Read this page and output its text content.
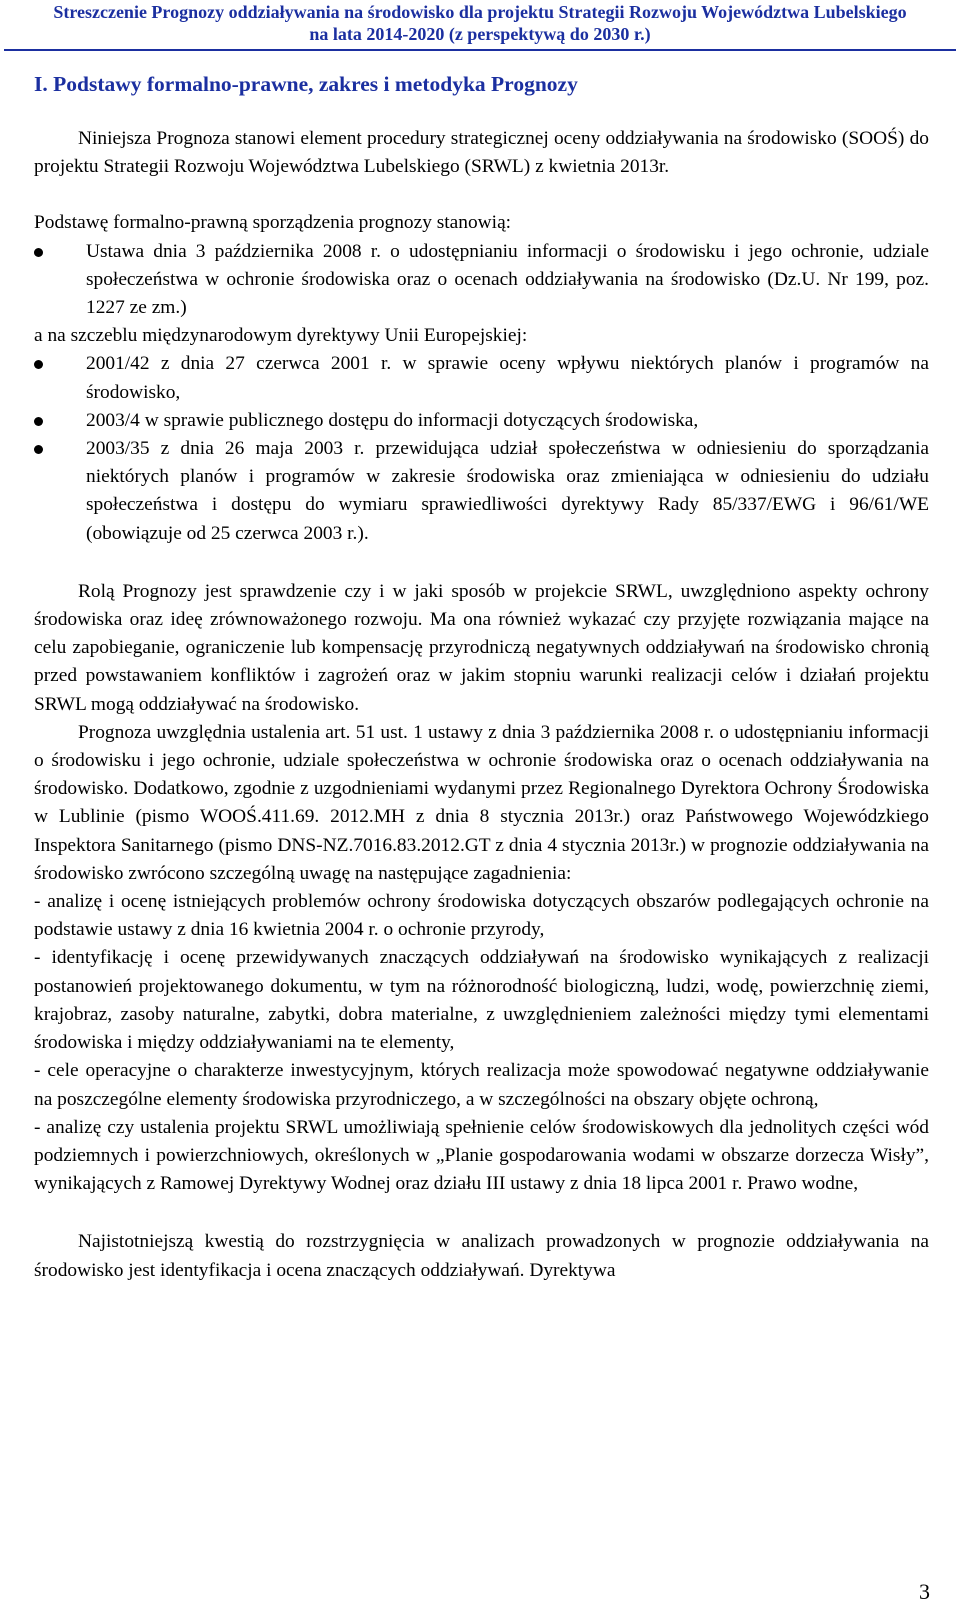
Streszczenie Prognozy oddziaływania na środowisko dla projektu Strategii Rozwoju Województwa Lubelskiego
na lata 2014-2020 (z perspektywą do 2030 r.)
I. Podstawy formalno-prawne, zakres i metodyka Prognozy

Niniejsza Prognoza stanowi element procedury strategicznej oceny oddziaływania na środowisko (SOOŚ) do projektu Strategii Rozwoju Województwa Lubelskiego (SRWL) z kwietnia 2013r.

Podstawę formalno-prawną sporządzenia prognozy stanowią:

Ustawa dnia 3 października 2008 r. o udostępnianiu informacji o środowisku i jego ochronie, udziale społeczeństwa w ochronie środowiska oraz o ocenach oddziaływania na środowisko (Dz.U. Nr 199, poz. 1227 ze zm.)

a na szczeblu międzynarodowym dyrektywy Unii Europejskiej:

2001/42 z dnia 27 czerwca 2001 r. w sprawie oceny wpływu niektórych planów i programów na środowisko,
2003/4 w sprawie publicznego dostępu do informacji dotyczących środowiska,
2003/35 z dnia 26 maja 2003 r. przewidująca udział społeczeństwa w odniesieniu do sporządzania niektórych planów i programów w zakresie środowiska oraz zmieniająca w odniesieniu do udziału społeczeństwa i dostępu do wymiaru sprawiedliwości dyrektywy Rady 85/337/EWG i 96/61/WE (obowiązuje od 25 czerwca 2003 r.).

Rolą Prognozy jest sprawdzenie czy i w jaki sposób w projekcie SRWL, uwzględniono aspekty ochrony środowiska oraz ideę zrównoważonego rozwoju. Ma ona również wykazać czy przyjęte rozwiązania mające na celu zapobieganie, ograniczenie lub kompensację przyrodniczą negatywnych oddziaływań na środowisko chronią przed powstawaniem konfliktów i zagrożeń oraz w jakim stopniu warunki realizacji celów i działań projektu SRWL mogą oddziaływać na środowisko.

Prognoza uwzględnia ustalenia art. 51 ust. 1 ustawy z dnia 3 października 2008 r. o udostępnianiu informacji o środowisku i jego ochronie, udziale społeczeństwa w ochronie środowiska oraz o ocenach oddziaływania na środowisko. Dodatkowo, zgodnie z uzgodnieniami wydanymi przez Regionalnego Dyrektora Ochrony Środowiska w Lublinie (pismo WOOŚ.411.69. 2012.MH z dnia 8 stycznia 2013r.) oraz Państwowego Wojewódzkiego Inspektora Sanitarnego (pismo DNS-NZ.7016.83.2012.GT z dnia 4 stycznia 2013r.) w prognozie oddziaływania na środowisko zwrócono szczególną uwagę na następujące zagadnienia:

- analizę i ocenę istniejących problemów ochrony środowiska dotyczących obszarów podlegających ochronie na podstawie ustawy z dnia 16 kwietnia 2004 r. o ochronie przyrody,

- identyfikację i ocenę przewidywanych znaczących oddziaływań na środowisko wynikających z realizacji postanowień projektowanego dokumentu, w tym na różnorodność biologiczną, ludzi, wodę, powierzchnię ziemi, krajobraz, zasoby naturalne, zabytki, dobra materialne, z uwzględnieniem zależności między tymi elementami środowiska i między oddziaływaniami na te elementy,

- cele operacyjne o charakterze inwestycyjnym, których realizacja może spowodować negatywne oddziaływanie na poszczególne elementy środowiska przyrodniczego, a w szczególności na obszary objęte ochroną,

- analizę czy ustalenia projektu SRWL umożliwiają spełnienie celów środowiskowych dla jednolitych części wód podziemnych i powierzchniowych, określonych w „Planie gospodarowania wodami w obszarze dorzecza Wisły”, wynikających z Ramowej Dyrektywy Wodnej oraz działu III ustawy z dnia 18 lipca 2001 r. Prawo wodne,

Najistotniejszą kwestią do rozstrzygnięcia w analizach prowadzonych w prognozie oddziaływania na środowisko jest identyfikacja i ocena znaczących oddziaływań. Dyrektywa

3
